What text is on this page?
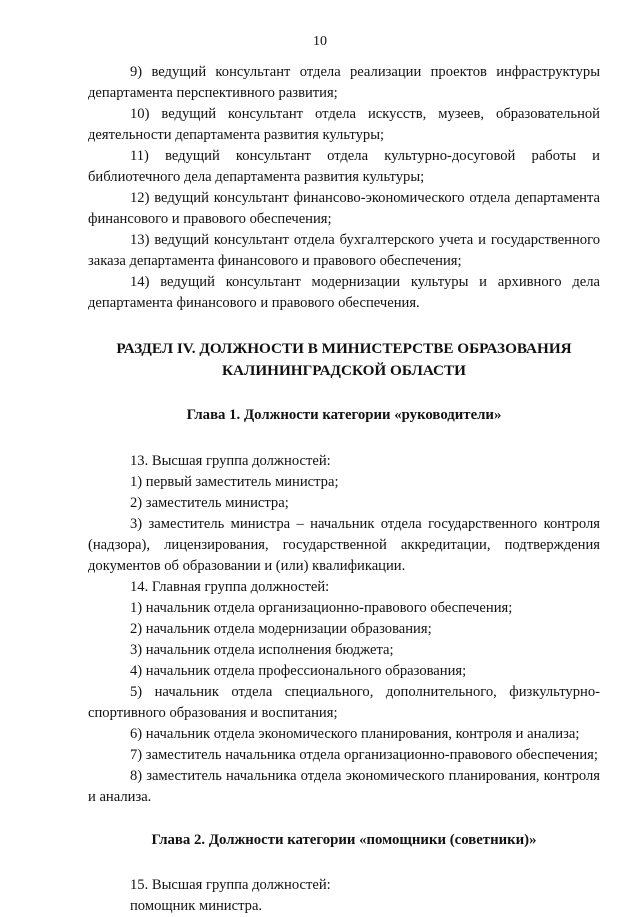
10

9) ведущий консультант отдела реализации проектов инфраструктуры департамента перспективного развития;

10) ведущий консультант отдела искусств, музеев, образовательной деятельности департамента развития культуры;

11) ведущий консультант отдела культурно-досуговой работы и библиотечного дела департамента развития культуры;

12) ведущий консультант финансово-экономического отдела департамента финансового и правового обеспечения;

13) ведущий консультант отдела бухгалтерского учета и государственного заказа департамента финансового и правового обеспечения;

14) ведущий консультант модернизации культуры и архивного дела департамента финансового и правового обеспечения.

РАЗДЕЛ IV. ДОЛЖНОСТИ В МИНИСТЕРСТВЕ ОБРАЗОВАНИЯ
КАЛИНИНГРАДСКОЙ ОБЛАСТИ
Глава 1. Должности категории «руководители»

13. Высшая группа должностей:

1) первый заместитель министра;

2) заместитель министра;

3) заместитель министра – начальник отдела государственного контроля (надзора), лицензирования, государственной аккредитации, подтверждения документов об образовании и (или) квалификации.

14. Главная группа должностей:

1) начальник отдела организационно-правового обеспечения;

2) начальник отдела модернизации образования;

3) начальник отдела исполнения бюджета;

4) начальник отдела профессионального образования;

5) начальник отдела специального, дополнительного, физкультурно-спортивного образования и воспитания;

6) начальник отдела экономического планирования, контроля и анализа;

7) заместитель начальника отдела организационно-правового обеспечения;

8) заместитель начальника отдела экономического планирования, контроля и анализа.

Глава 2. Должности категории «помощники (советники)»

15. Высшая группа должностей:

помощник министра.
